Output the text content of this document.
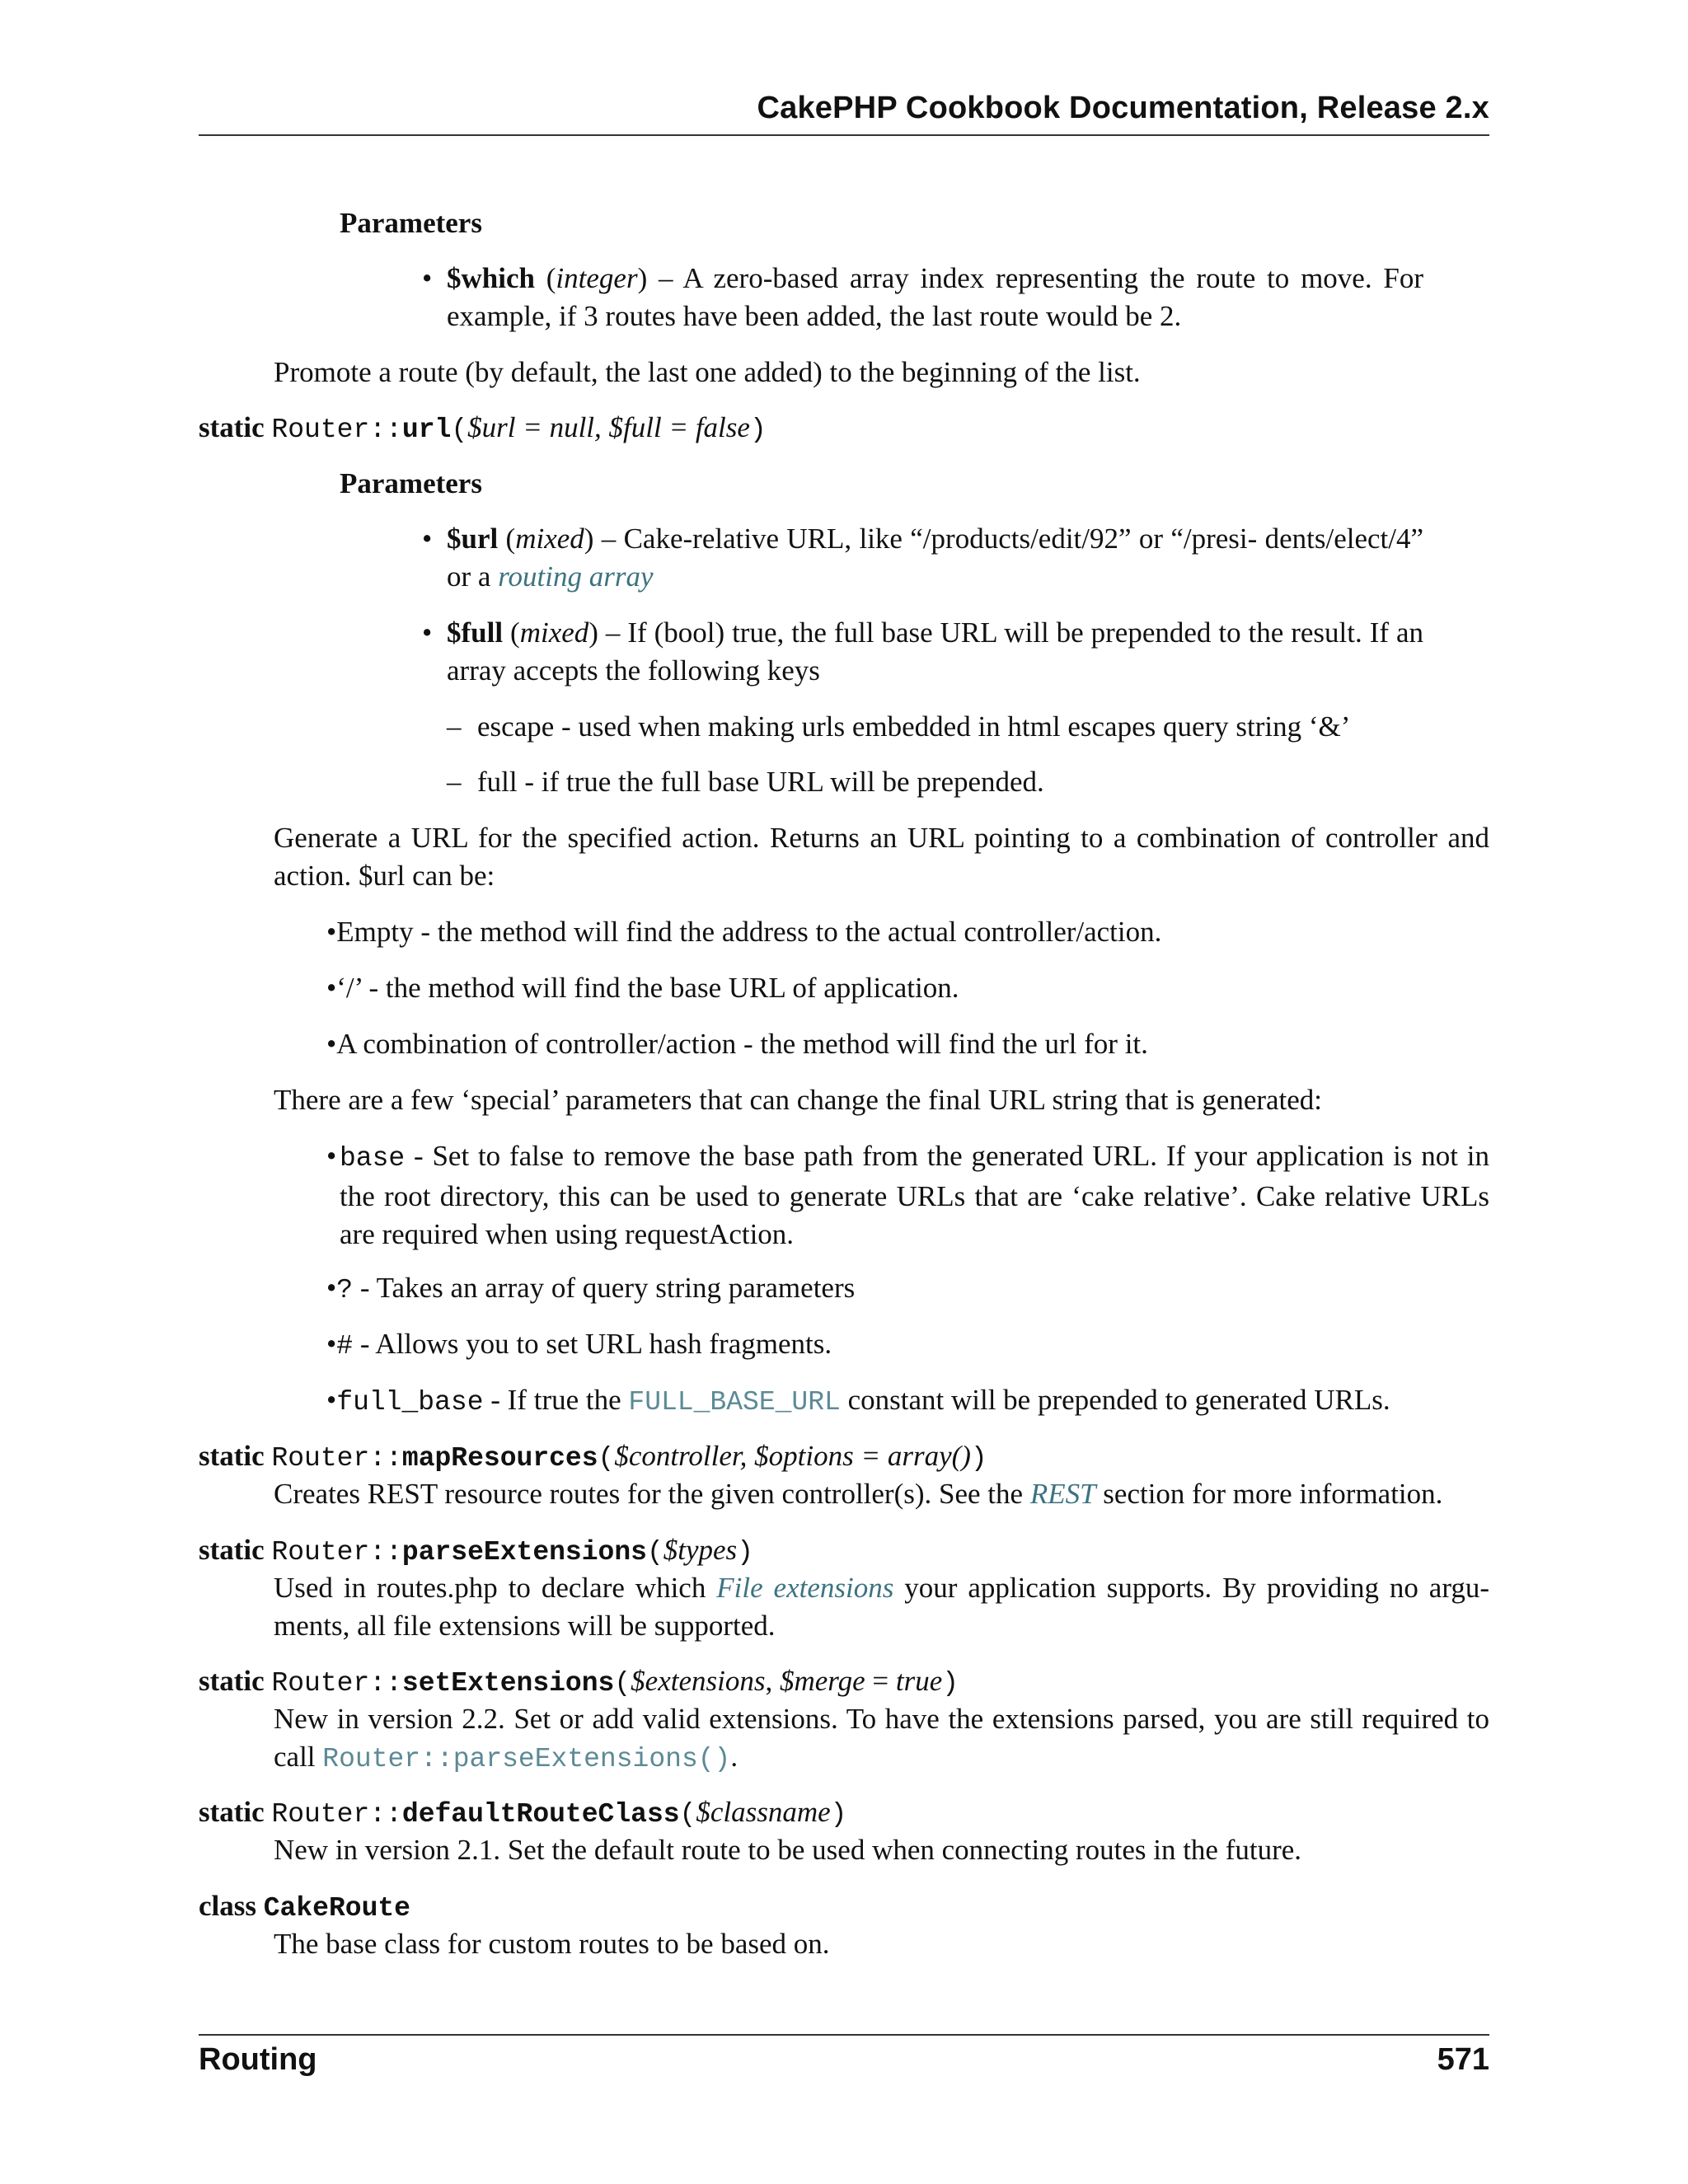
CakePHP Cookbook Documentation, Release 2.x
Parameters
• $which (integer) – A zero-based array index representing the route to move. For example, if 3 routes have been added, the last route would be 2.
Promote a route (by default, the last one added) to the beginning of the list.
static Router::url($url = null, $full = false)
Parameters
• $url (mixed) – Cake-relative URL, like “/products/edit/92” or “/presi- dents/elect/4” or a routing array
• $full (mixed) – If (bool) true, the full base URL will be prepended to the result. If an array accepts the following keys
– escape - used when making urls embedded in html escapes query string ‘&’
– full - if true the full base URL will be prepended.
Generate a URL for the specified action. Returns an URL pointing to a combination of controller and action. $url can be:
•Empty - the method will find the address to the actual controller/action.
•‘/’ - the method will find the base URL of application.
•A combination of controller/action - the method will find the url for it.
There are a few ‘special’ parameters that can change the final URL string that is generated:
• base - Set to false to remove the base path from the generated URL. If your application is not in the root directory, this can be used to generate URLs that are ‘cake relative’. Cake relative URLs are required when using requestAction.
•? - Takes an array of query string parameters
•# - Allows you to set URL hash fragments.
•full_base - If true the FULL_BASE_URL constant will be prepended to generated URLs.
static Router::mapResources($controller, $options = array())
Creates REST resource routes for the given controller(s). See the REST section for more information.
static Router::parseExtensions($types)
Used in routes.php to declare which File extensions your application supports. By providing no argu- ments, all file extensions will be supported.
static Router::setExtensions($extensions, $merge = true)
New in version 2.2. Set or add valid extensions. To have the extensions parsed, you are still required to call Router::parseExtensions().
static Router::defaultRouteClass($classname)
New in version 2.1. Set the default route to be used when connecting routes in the future.
class CakeRoute
The base class for custom routes to be based on.
Routing	571
